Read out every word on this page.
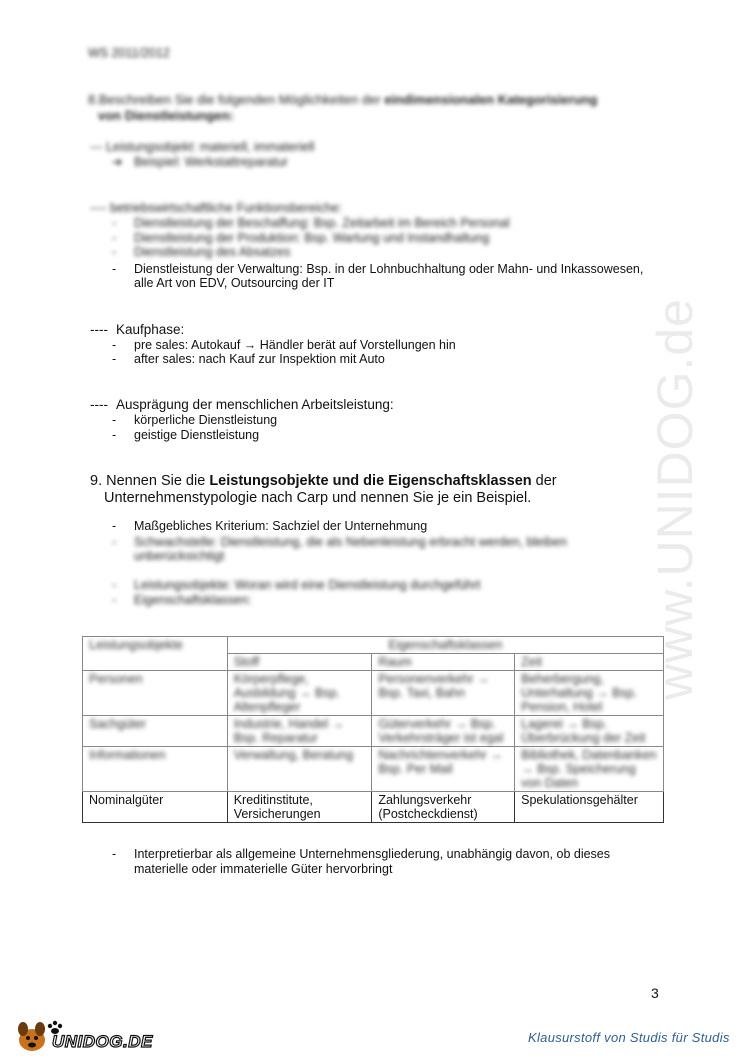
www.UNIDOG.de
WS 2011/2012
8.Beschreiben Sie die folgenden Möglichkeiten der eindimensionalen Kategorisierung
von Dienstleistungen:
--- Leistungsobjekt: materiell, immateriell
➔ Beispiel: Werkstattreparatur
---- betriebswirtschaftliche Funktionsbereiche:
- Dienstleistung der Beschaffung: Bsp. Zeitarbeit im Bereich Personal
- Dienstleistung der Produktion: Bsp. Wartung und Instandhaltung
- Dienstleistung des Absatzes
- Dienstleistung der Verwaltung: Bsp. in der Lohnbuchhaltung oder Mahn- und Inkassowesen,
alle Art von EDV, Outsourcing der IT
---- Kaufphase:
- pre sales: Autokauf → Händler berät auf Vorstellungen hin
- after sales: nach Kauf zur Inspektion mit Auto
---- Ausprägung der menschlichen Arbeitsleistung:
- körperliche Dienstleistung
- geistige Dienstleistung
9. Nennen Sie die Leistungsobjekte und die Eigenschaftsklassen der
Unternehmenstypologie nach Carp und nennen Sie je ein Beispiel.
- Maßgebliches Kriterium: Sachziel der Unternehmung
- Schwachstelle: Dienstleistung, die als Nebenleistung erbracht werden, bleiben
unberücksichtigt
- Leistungsobjekte: Woran wird eine Dienstleistung durchgeführt
- Eigenschaftsklassen:
Leistungsobjekte	Eigenschaftsklassen		
	Stoff	Raum	Zeit
Personen	Körperpflege, Ausbildung → Bsp. Altenpfleger	Personenverkehr → Bsp. Taxi, Bahn	Beherbergung, Unterhaltung → Bsp. Pension, Hotel
Sachgüter	Industrie, Handel → Bsp. Reparatur	Güterverkehr → Bsp. Verkehrsträger ist egal	Lagerei → Bsp. Überbrückung der Zeit
Informationen	Verwaltung, Beratung	Nachrichtenverkehr → Bsp. Per Mail	Bibliothek, Datenbanken → Bsp. Speicherung von Daten
Nominalgüter	Kreditinstitute, Versicherungen	Zahlungsverkehr (Postcheckdienst)	Spekulationsgehälter
- Interpretierbar als allgemeine Unternehmensgliederung, unabhängig davon, ob dieses
materielle oder immaterielle Güter hervorbringt
3
UNIDOG.DE	Klausurstoff von Studis für Studis
